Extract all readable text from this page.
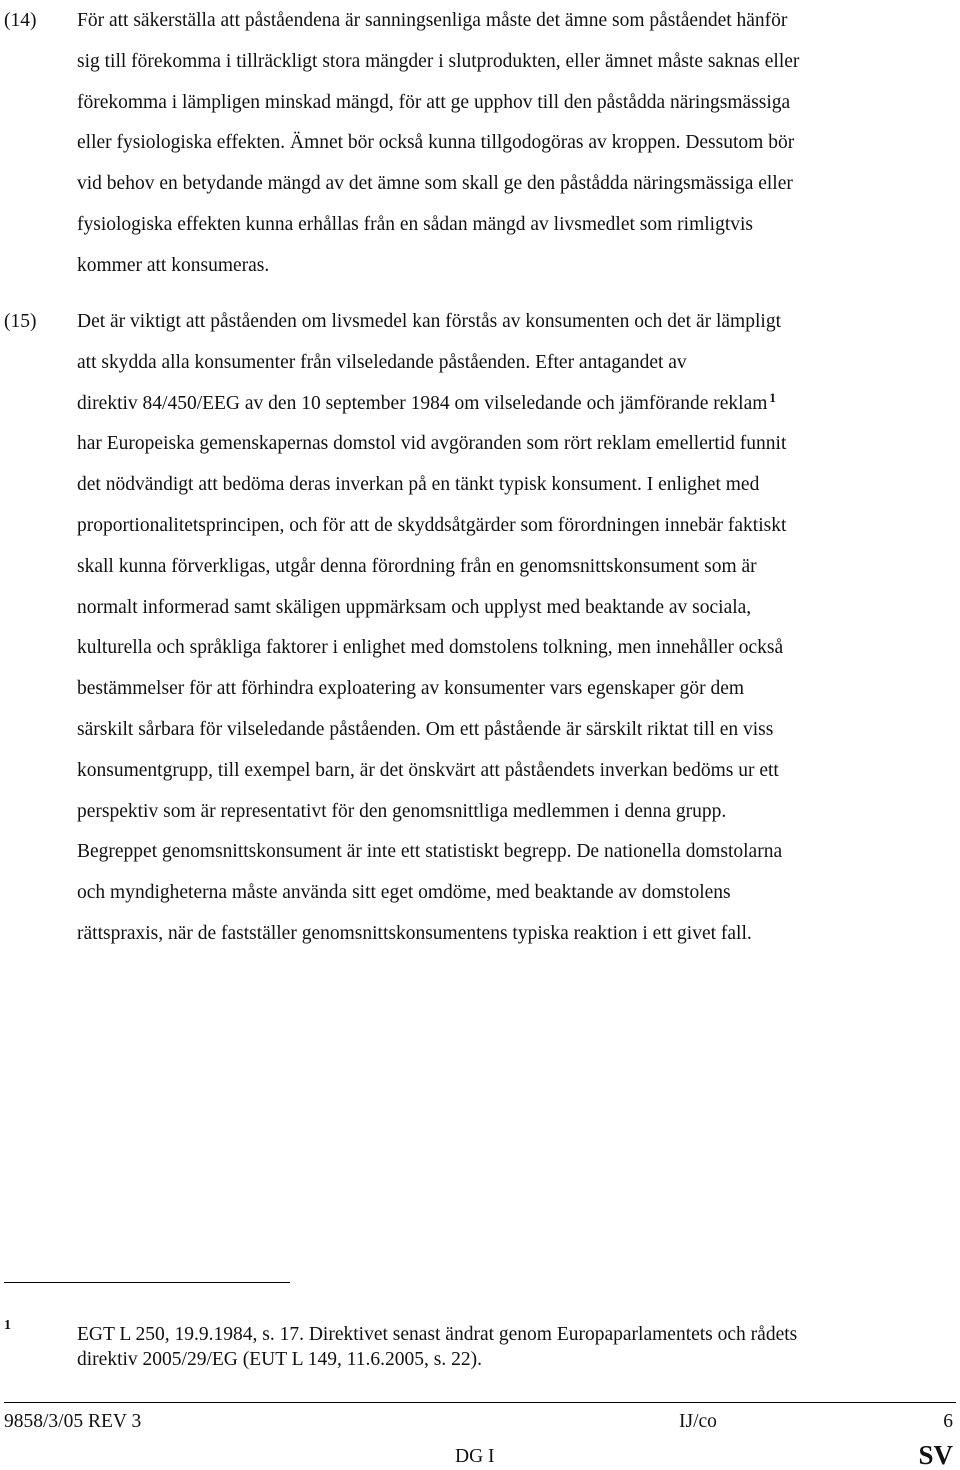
(14) För att säkerställa att påståendena är sanningsenliga måste det ämne som påståendet hänför
sig till förekomma i tillräckligt stora mängder i slutprodukten, eller ämnet måste saknas eller
förekomma i lämpligen minskad mängd, för att ge upphov till den påstådda näringsmässiga
eller fysiologiska effekten. Ämnet bör också kunna tillgodogöras av kroppen. Dessutom bör
vid behov en betydande mängd av det ämne som skall ge den påstådda näringsmässiga eller
fysiologiska effekten kunna erhållas från en sådan mängd av livsmedlet som rimligtvis
kommer att konsumeras.
(15) Det är viktigt att påståenden om livsmedel kan förstås av konsumenten och det är lämpligt
att skydda alla konsumenter från vilseledande påståenden. Efter antagandet av
direktiv 84/450/EEG av den 10 september 1984 om vilseledande och jämförande reklam $^1$
har Europeiska gemenskapernas domstol vid avgöranden som rört reklam emellertid funnit
det nödvändigt att bedöma deras inverkan på en tänkt typisk konsument. I enlighet med
proportionalitetsprincipen, och för att de skyddsåtgärder som förordningen innebär faktiskt
skall kunna förverkligas, utgår denna förordning från en genomsnittskonsument som är
normalt informerad samt skäligen uppmärksam och upplyst med beaktande av sociala,
kulturella och språkliga faktorer i enlighet med domstolens tolkning, men innehåller också
bestämmelser för att förhindra exploatering av konsumenter vars egenskaper gör dem
särskilt sårbara för vilseledande påståenden. Om ett påstående är särskilt riktat till en viss
konsumentgrupp, till exempel barn, är det önskvärt att påståendets inverkan bedöms ur ett
perspektiv som är representativt för den genomsnittliga medlemmen i denna grupp.
Begreppet genomsnittskonsument är inte ett statistiskt begrepp. De nationella domstolarna
och myndigheterna måste använda sitt eget omdöme, med beaktande av domstolens
rättspraxis, när de fastställer genomsnittskonsumentens typiska reaktion i ett givet fall.
1	EGT L 250, 19.9.1984, s. 17. Direktivet senast ändrat genom Europaparlamentets och rådets
direktiv 2005/29/EG (EUT L 149, 11.6.2005, s. 22).
9858/3/05 REV 3	IJ/co	6
DG I	SV
